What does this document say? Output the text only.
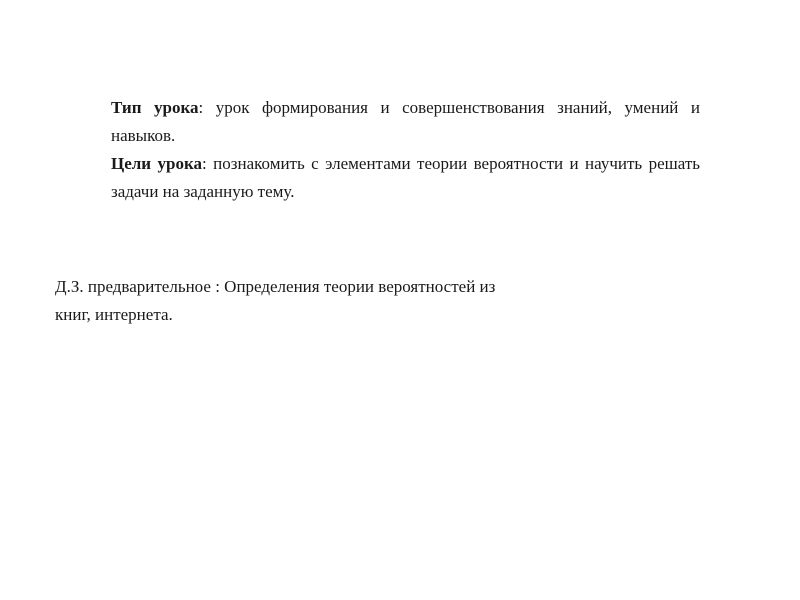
Тип урока: урок формирования и совершенствования знаний, умений и навыков.

Цели урока: познакомить с элементами теории вероятности и научить решать задачи на заданную тему.

Д.З. предварительное : Определения теории вероятностей из
книг, интернета.
